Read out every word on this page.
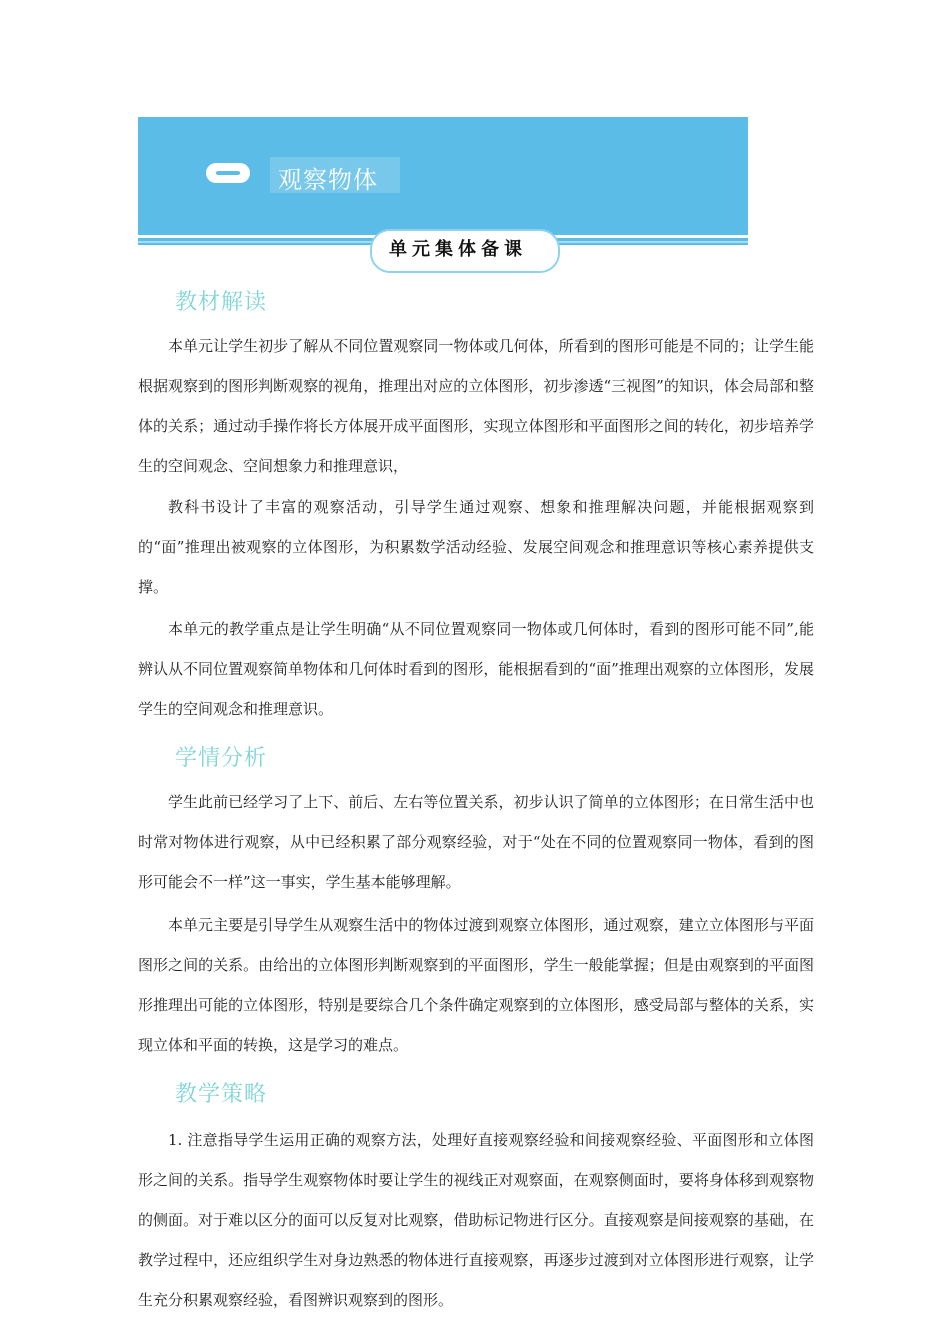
观察物体
单元集体备课
教材解读

本单元让学生初步了解从不同位置观察同一物体或几何体，所看到的图形可能是不同的；让学生能根据观察到的图形判断观察的视角，推理出对应的立体图形，初步渗透“三视图”的知识，体会局部和整体的关系；通过动手操作将长方体展开成平面图形，实现立体图形和平面图形之间的转化，初步培养学生的空间观念、空间想象力和推理意识，

教科书设计了丰富的观察活动，引导学生通过观察、想象和推理解决问题，并能根据观察到的“面”推理出被观察的立体图形，为积累数学活动经验、发展空间观念和推理意识等核心素养提供支撑。

本单元的教学重点是让学生明确“从不同位置观察同一物体或几何体时，看到的图形可能不同”,能辨认从不同位置观察简单物体和几何体时看到的图形，能根据看到的“面”推理出观察的立体图形，发展学生的空间观念和推理意识。

学情分析

学生此前已经学习了上下、前后、左右等位置关系，初步认识了简单的立体图形；在日常生活中也时常对物体进行观察，从中已经积累了部分观察经验，对于“处在不同的位置观察同一物体，看到的图形可能会不一样”这一事实，学生基本能够理解。

本单元主要是引导学生从观察生活中的物体过渡到观察立体图形，通过观察，建立立体图形与平面图形之间的关系。由给出的立体图形判断观察到的平面图形，学生一般能掌握；但是由观察到的平面图形推理出可能的立体图形，特别是要综合几个条件确定观察到的立体图形，感受局部与整体的关系，实现立体和平面的转换，这是学习的难点。

教学策略

1. 注意指导学生运用正确的观察方法，处理好直接观察经验和间接观察经验、平面图形和立体图形之间的关系。指导学生观察物体时要让学生的视线正对观察面，在观察侧面时，要将身体移到观察物的侧面。对于难以区分的面可以反复对比观察，借助标记物进行区分。直接观察是间接观察的基础，在教学过程中，还应组织学生对身边熟悉的物体进行直接观察，再逐步过渡到对立体图形进行观察，让学生充分积累观察经验，看图辨识观察到的图形。
